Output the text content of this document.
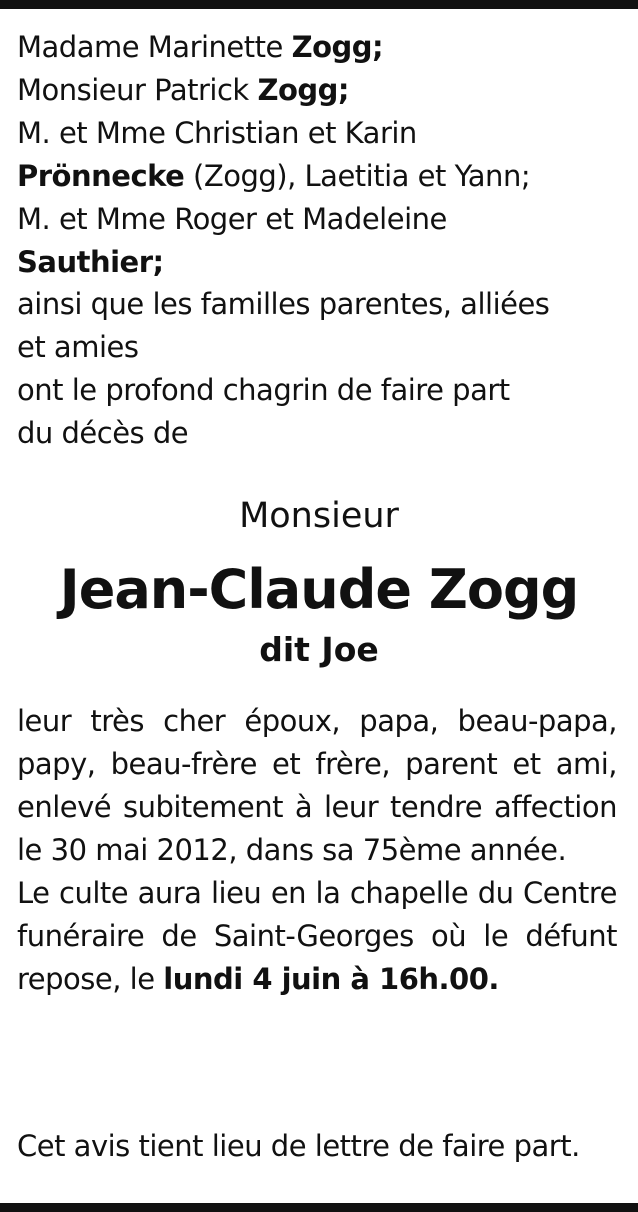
Madame Marinette Zogg;
Monsieur Patrick Zogg;
M. et Mme Christian et Karin
Prönnecke (Zogg), Laetitia et Yann;
M. et Mme Roger et Madeleine
Sauthier;
ainsi que les familles parentes, alliées
et amies
ont le profond chagrin de faire part
du décès de
Monsieur
Jean-Claude Zogg
dit Joe

leur très cher époux, papa, beau-papa, papy, beau-frère et frère, parent et ami, enlevé subitement à leur tendre affection le 30 mai 2012, dans sa 75ème année.

Le culte aura lieu en la chapelle du Centre funéraire de Saint-Georges où le défunt repose, le lundi 4 juin à 16h.00.

Cet avis tient lieu de lettre de faire part.
